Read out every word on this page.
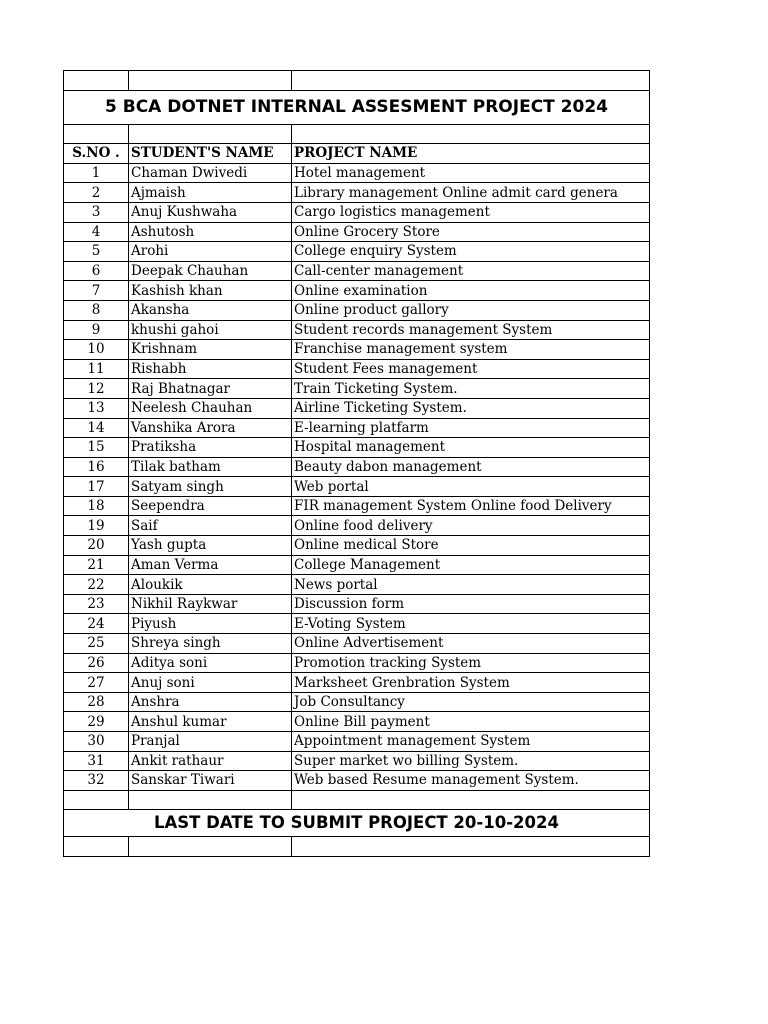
5 BCA DOTNET INTERNAL ASSESMENT PROJECT 2024		

S.NO .	STUDENT'S NAME	PROJECT NAME
1	Chaman Dwivedi	Hotel management
2	Ajmaish	Library management Online admit card genera
3	Anuj Kushwaha	Cargo logistics management
4	Ashutosh	Online Grocery Store
5	Arohi	College enquiry System
6	Deepak Chauhan	Call-center management
7	Kashish khan	Online examination
8	Akansha	Online product gallory
9	khushi gahoi	Student records management System
10	Krishnam	Franchise management system
11	Rishabh	Student Fees management
12	Raj Bhatnagar	Train Ticketing System.
13	Neelesh Chauhan	Airline Ticketing System.
14	Vanshika Arora	E-learning platfarm
15	Pratiksha	Hospital management
16	Tilak batham	Beauty dabon management
17	Satyam singh	Web portal
18	Seependra	FIR management System Online food Delivery
19	Saif	Online food delivery
20	Yash gupta	Online medical Store
21	Aman Verma	College Management
22	Aloukik	News portal
23	Nikhil Raykwar	Discussion form
24	Piyush	E-Voting System
25	Shreya singh	Online Advertisement
26	Aditya soni	Promotion tracking System
27	Anuj soni	Marksheet Grenbration System
28	Anshra	Job Consultancy
29	Anshul kumar	Online Bill payment
30	Pranjal	Appointment management System
31	Ankit rathaur	Super market wo billing System.
32	Sanskar Tiwari	Web based Resume management System.

LAST DATE TO SUBMIT PROJECT 20-10-2024		
